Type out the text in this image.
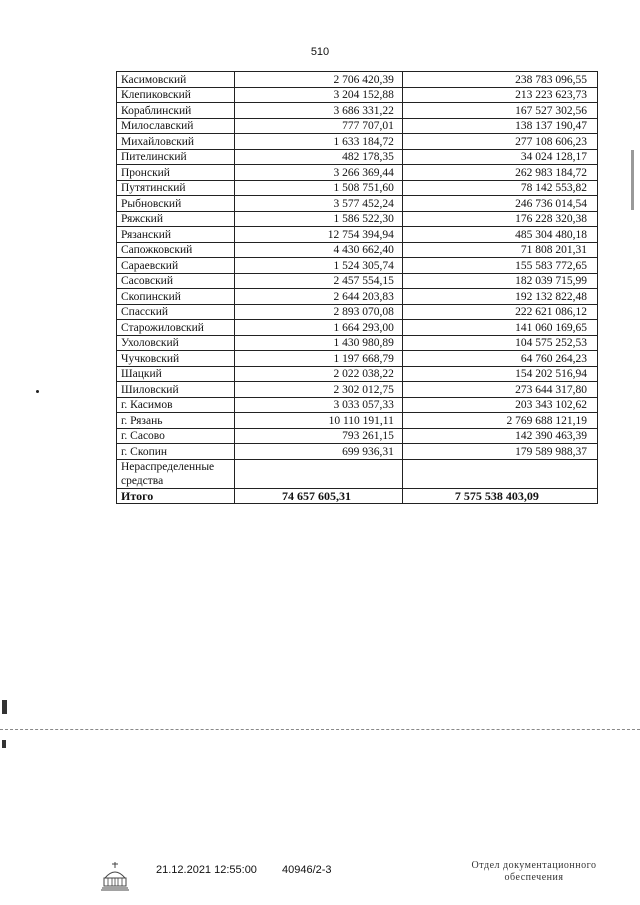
510
Касимовский	2 706 420,39	238 783 096,55
Клепиковский	3 204 152,88	213 223 623,73
Кораблинский	3 686 331,22	167 527 302,56
Милославский	777 707,01	138 137 190,47
Михайловский	1 633 184,72	277 108 606,23
Пителинский	482 178,35	34 024 128,17
Пронский	3 266 369,44	262 983 184,72
Путятинский	1 508 751,60	78 142 553,82
Рыбновский	3 577 452,24	246 736 014,54
Ряжский	1 586 522,30	176 228 320,38
Рязанский	12 754 394,94	485 304 480,18
Сапожковский	4 430 662,40	71 808 201,31
Сараевский	1 524 305,74	155 583 772,65
Сасовский	2 457 554,15	182 039 715,99
Скопинский	2 644 203,83	192 132 822,48
Спасский	2 893 070,08	222 621 086,12
Старожиловский	1 664 293,00	141 060 169,65
Ухоловский	1 430 980,89	104 575 252,53
Чучковский	1 197 668,79	64 760 264,23
Шацкий	2 022 038,22	154 202 516,94
Шиловский	2 302 012,75	273 644 317,80
г. Касимов	3 033 057,33	203 343 102,62
г. Рязань	10 110 191,11	2 769 688 121,19
г. Сасово	793 261,15	142 390 463,39
г. Скопин	699 936,31	179 589 988,37
Нераспределенные средства		
Итого	74 657 605,31	7 575 538 403,09
21.12.2021 12:55:00 40946/2-3	Отдел документационного
обеспечения
